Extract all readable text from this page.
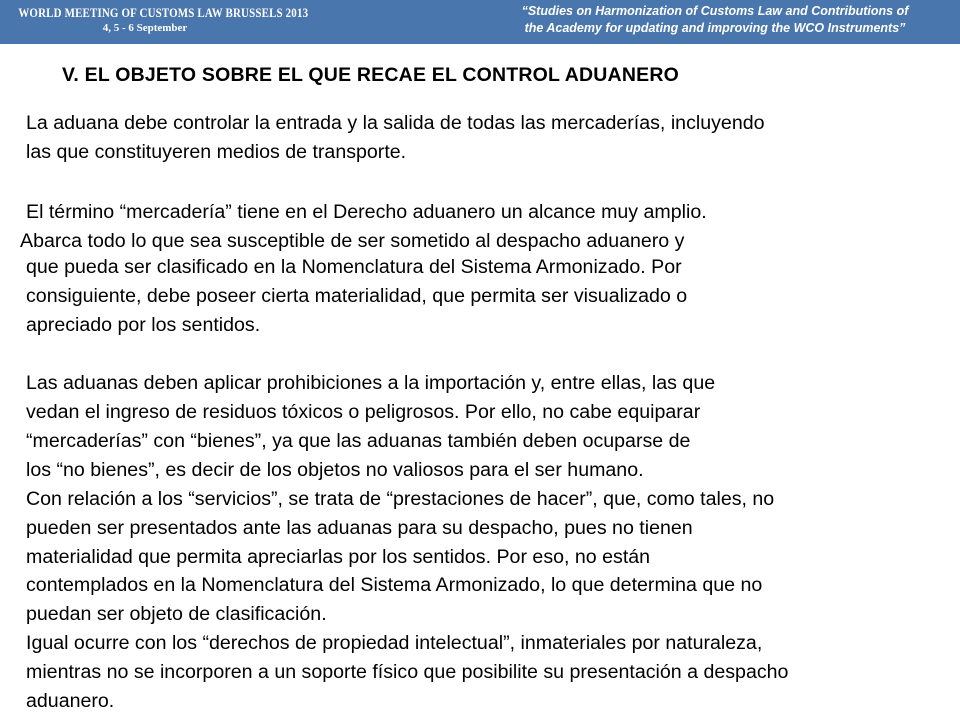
WORLD MEETING OF CUSTOMS LAW BRUSSELS 2013
4, 5 - 6 September
“Studies on Harmonization of Customs Law and Contributions of
the Academy for updating and improving the WCO Instruments”
V. EL OBJETO SOBRE EL QUE RECAE EL CONTROL ADUANERO
La aduana debe controlar la entrada y la salida de todas las mercaderías, incluyendo
las que constituyeren medios de transporte.
El término “mercadería” tiene en el Derecho aduanero un alcance muy amplio.
Abarca todo lo que sea susceptible de ser sometido al despacho aduanero y
que pueda ser clasificado en la Nomenclatura del Sistema Armonizado. Por
consiguiente, debe poseer cierta materialidad, que permita ser visualizado o
apreciado por los sentidos.
Las aduanas deben aplicar prohibiciones a la importación y, entre ellas, las que
vedan el ingreso de residuos tóxicos o peligrosos. Por ello, no cabe equiparar
“mercaderías” con “bienes”, ya que las aduanas también deben ocuparse de
los “no bienes”, es decir de los objetos no valiosos para el ser humano.
Con relación a los “servicios”, se trata de “prestaciones de hacer”, que, como tales, no
pueden ser presentados ante las aduanas para su despacho, pues no tienen
materialidad que permita apreciarlas por los sentidos. Por eso, no están
contemplados en la Nomenclatura del Sistema Armonizado, lo que determina que no
puedan ser objeto de clasificación.
Igual ocurre con los “derechos de propiedad intelectual”, inmateriales por naturaleza,
mientras no se incorporen a un soporte físico que posibilite su presentación a despacho
aduanero.
